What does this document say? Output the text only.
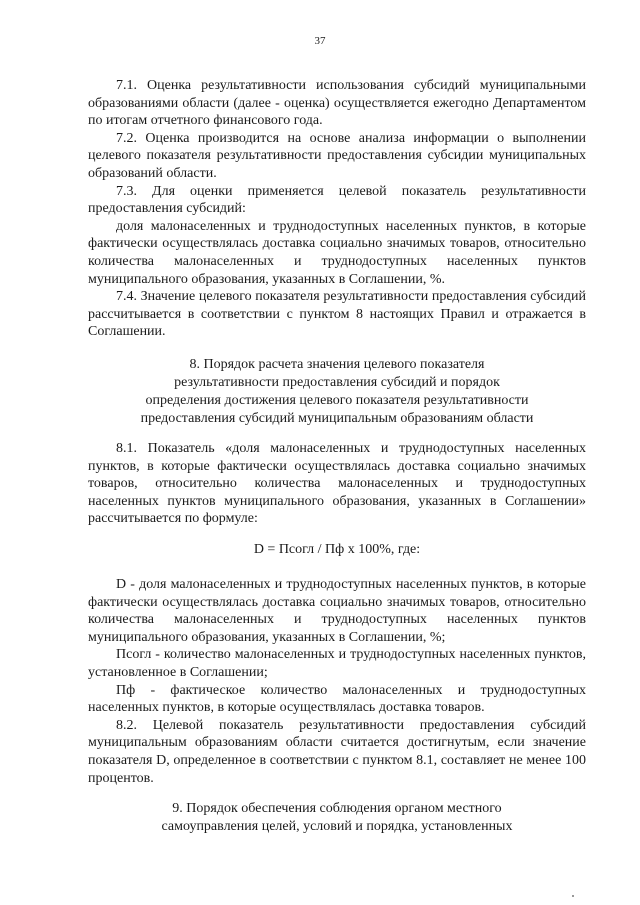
37

7.1. Оценка результативности использования субсидий муниципальными образованиями области (далее - оценка) осуществляется ежегодно Департаментом по итогам отчетного финансового года.

7.2. Оценка производится на основе анализа информации о выполнении целевого показателя результативности предоставления субсидии муниципальных образований области.

7.3. Для оценки применяется целевой показатель результативности предоставления субсидий:

доля малонаселенных и труднодоступных населенных пунктов, в которые фактически осуществлялась доставка социально значимых товаров, относительно количества малонаселенных и труднодоступных населенных пунктов муниципального образования, указанных в Соглашении, %.

7.4. Значение целевого показателя результативности предоставления субсидий рассчитывается в соответствии с пунктом 8 настоящих Правил и отражается в Соглашении.

8. Порядок расчета значения целевого показателя

результативности предоставления субсидий и порядок

определения достижения целевого показателя результативности

предоставления субсидий муниципальным образованиям области

8.1. Показатель «доля малонаселенных и труднодоступных населенных пунктов, в которые фактически осуществлялась доставка социально значимых товаров, относительно количества малонаселенных и труднодоступных населенных пунктов муниципального образования, указанных в Соглашении» рассчитывается по формуле:

D = Псогл / Пф x 100%, где:

D - доля малонаселенных и труднодоступных населенных пунктов, в которые фактически осуществлялась доставка социально значимых товаров, относительно количества малонаселенных и труднодоступных населенных пунктов муниципального образования, указанных в Соглашении, %;

Псогл - количество малонаселенных и труднодоступных населенных пунктов, установленное в Соглашении;

Пф - фактическое количество малонаселенных и труднодоступных населенных пунктов, в которые осуществлялась доставка товаров.

8.2. Целевой показатель результативности предоставления субсидий муниципальным образованиям области считается достигнутым, если значение показателя D, определенное в соответствии с пунктом 8.1, составляет не менее 100 процентов.

9. Порядок обеспечения соблюдения органом местного

самоуправления целей, условий и порядка, установленных
